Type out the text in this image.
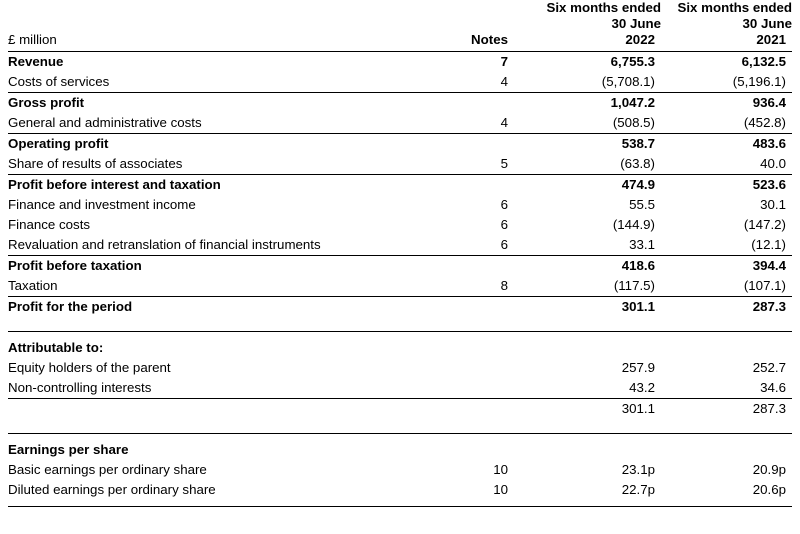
		Six months ended	Six months ended
		30 June	30 June
£ million	Notes	2022	2021
Revenue	7	6,755.3	6,132.5
Costs of services	4	(5,708.1)	(5,196.1)
Gross profit		1,047.2	936.4
General and administrative costs	4	(508.5)	(452.8)
Operating profit		538.7	483.6
Share of results of associates	5	(63.8)	40.0
Profit before interest and taxation		474.9	523.6
Finance and investment income	6	55.5	30.1
Finance costs	6	(144.9)	(147.2)
Revaluation and retranslation of financial instruments	6	33.1	(12.1)
Profit before taxation		418.6	394.4
Taxation	8	(117.5)	(107.1)
Profit for the period		301.1	287.3

Attributable to:			
Equity holders of the parent		257.9	252.7
Non-controlling interests		43.2	34.6
		301.1	287.3

Earnings per share			
Basic earnings per ordinary share	10	23.1p	20.9p
Diluted earnings per ordinary share	10	22.7p	20.6p
